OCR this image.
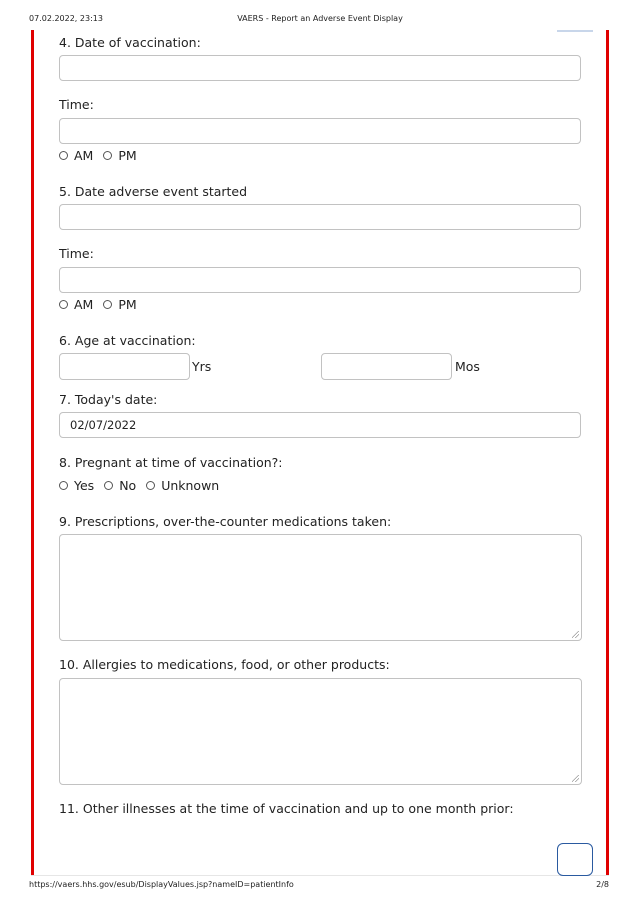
07.02.2022, 23:13	VAERS - Report an Adverse Event Display
4. Date of vaccination:
Time:
AM PM
5. Date adverse event started
Time:
AM PM
6. Age at vaccination:
Yrs	Mos
7. Today's date:
02/07/2022
8. Pregnant at time of vaccination?:
Yes No Unknown
9. Prescriptions, over-the-counter medications taken:
10. Allergies to medications, food, or other products:
11. Other illnesses at the time of vaccination and up to one month prior:
https://vaers.hhs.gov/esub/DisplayValues.jsp?nameID=patientInfo	2/8
